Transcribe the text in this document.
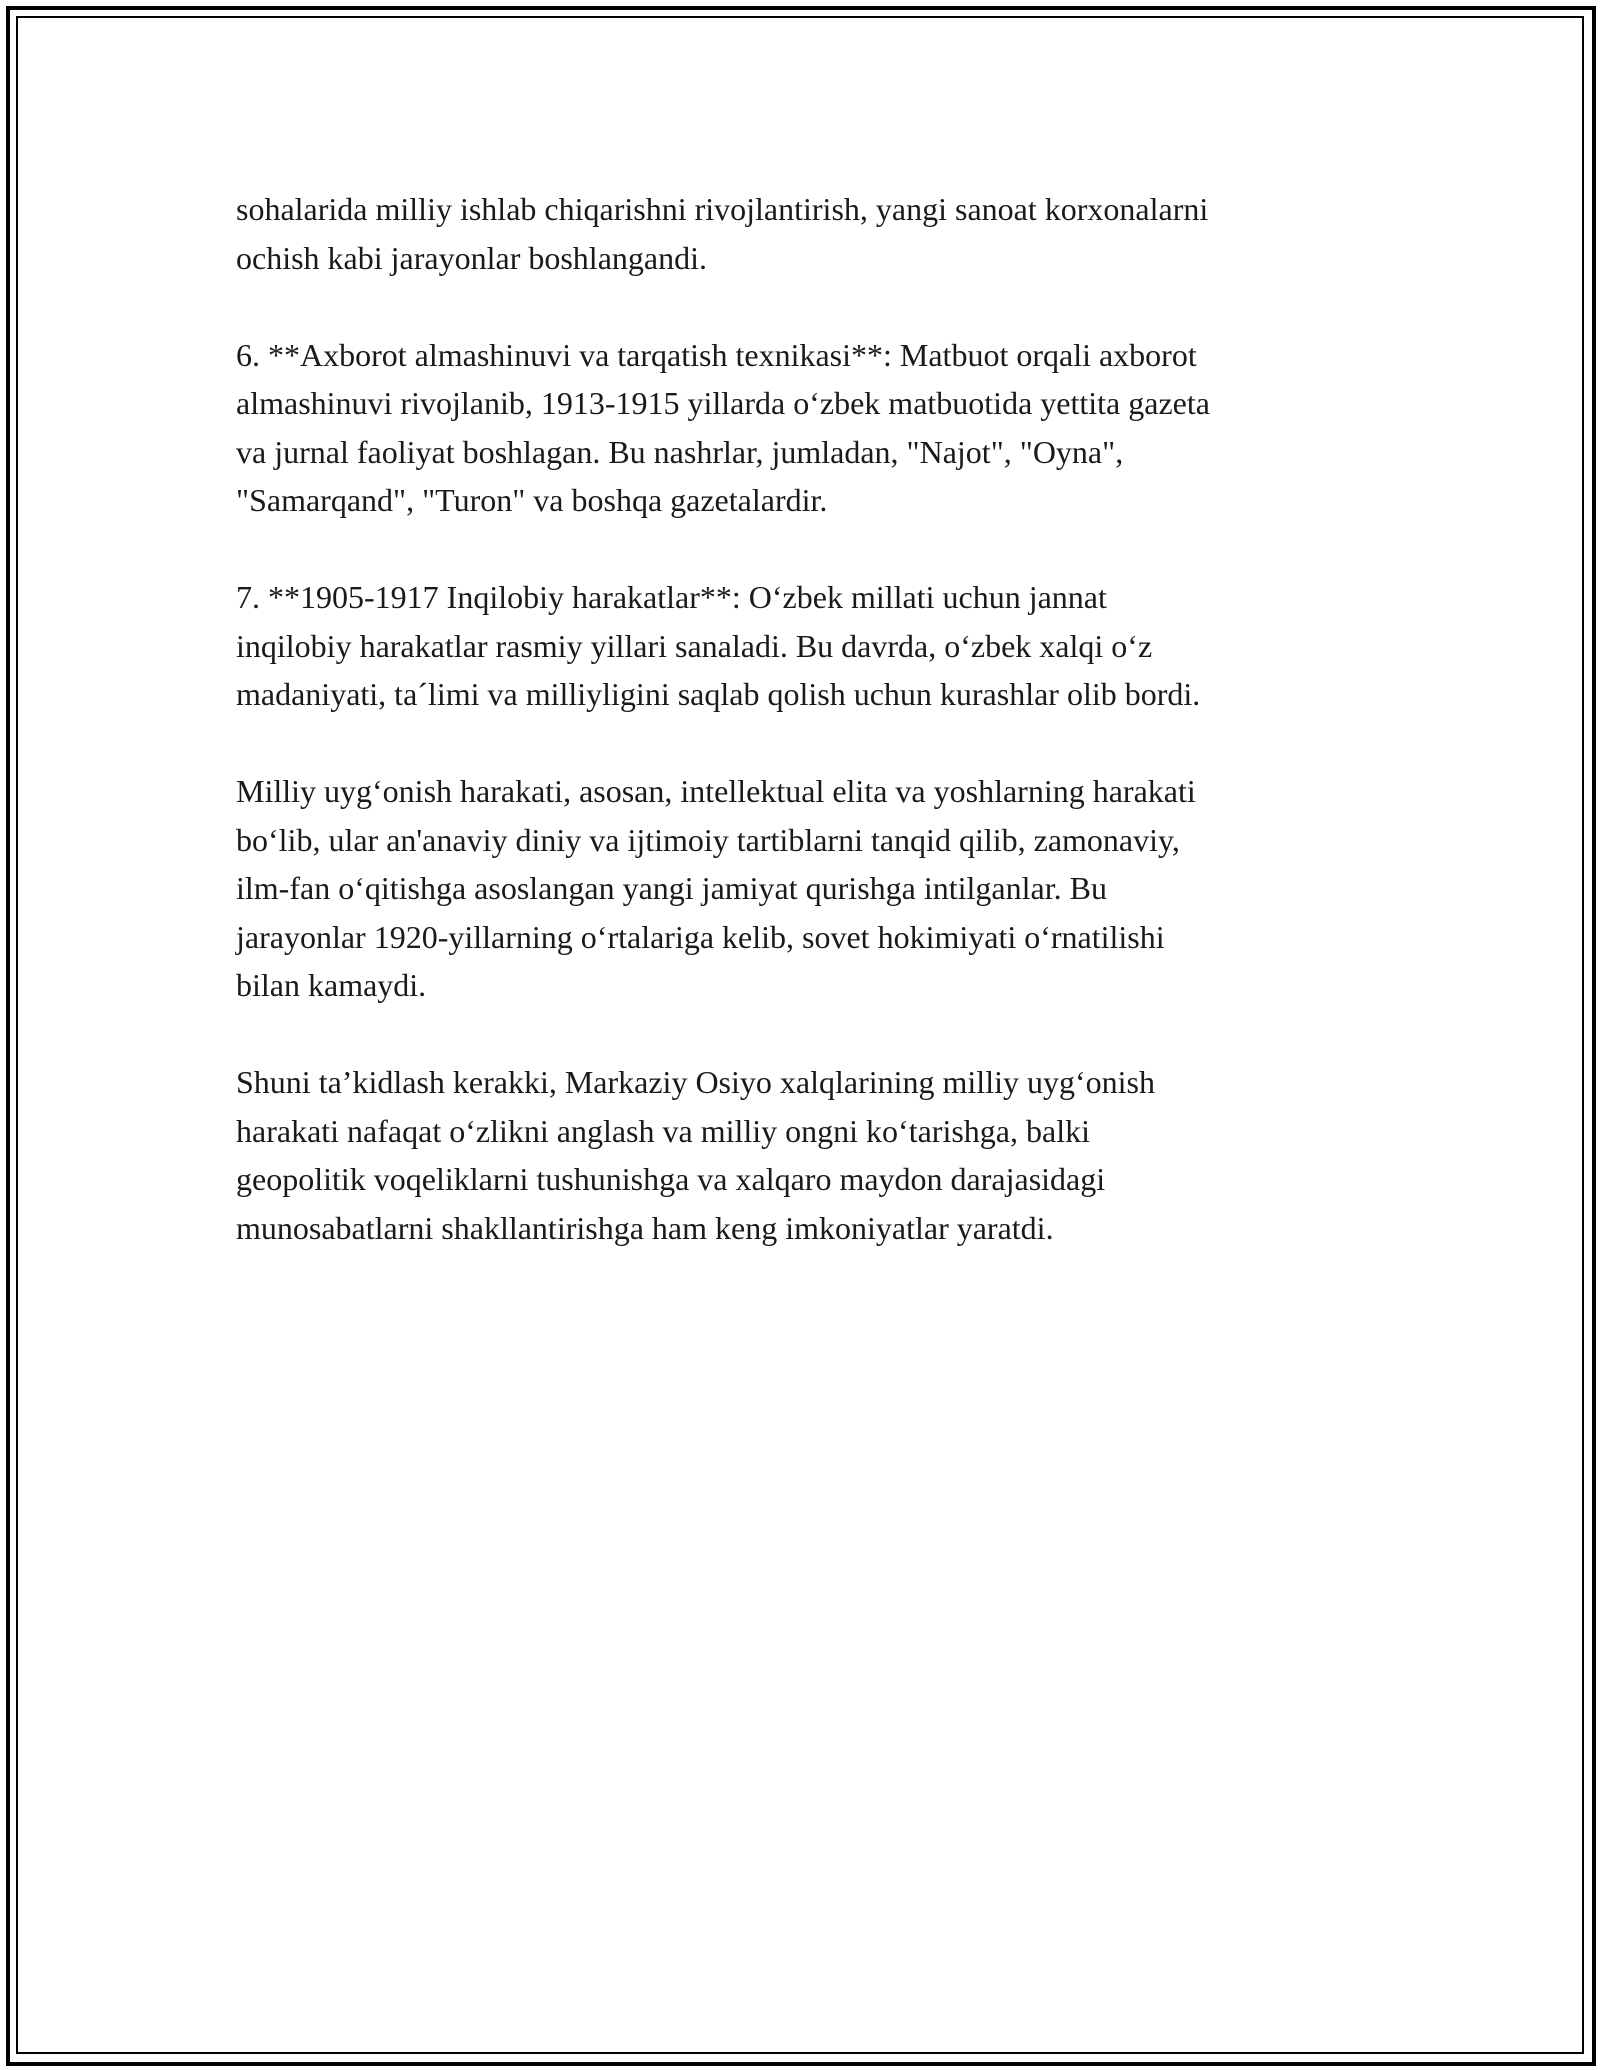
sohalarida milliy ishlab chiqarishni rivojlantirish, yangi sanoat korxonalarni
ochish kabi jarayonlar boshlangandi.

6. **Axborot almashinuvi va tarqatish texnikasi**: Matbuot orqali axborot
almashinuvi rivojlanib, 1913-1915 yillarda o‘zbek matbuotida yettita gazeta
va jurnal faoliyat boshlagan. Bu nashrlar, jumladan, "Najot", "Oyna",
"Samarqand", "Turon" va boshqa gazetalardir.

7. **1905-1917 Inqilobiy harakatlar**: O‘zbek millati uchun jannat
inqilobiy harakatlar rasmiy yillari sanaladi. Bu davrda, o‘zbek xalqi o‘z
madaniyati, ta´limi va milliyligini saqlab qolish uchun kurashlar olib bordi.

Milliy uyg‘onish harakati, asosan, intellektual elita va yoshlarning harakati
bo‘lib, ular an'anaviy diniy va ijtimoiy tartiblarni tanqid qilib, zamonaviy,
ilm-fan o‘qitishga asoslangan yangi jamiyat qurishga intilganlar. Bu
jarayonlar 1920-yillarning o‘rtalariga kelib, sovet hokimiyati o‘rnatilishi
bilan kamaydi.

Shuni ta’kidlash kerakki, Markaziy Osiyo xalqlarining milliy uyg‘onish
harakati nafaqat o‘zlikni anglash va milliy ongni ko‘tarishga, balki
geopolitik voqeliklarni tushunishga va xalqaro maydon darajasidagi
munosabatlarni shakllantirishga ham keng imkoniyatlar yaratdi.
